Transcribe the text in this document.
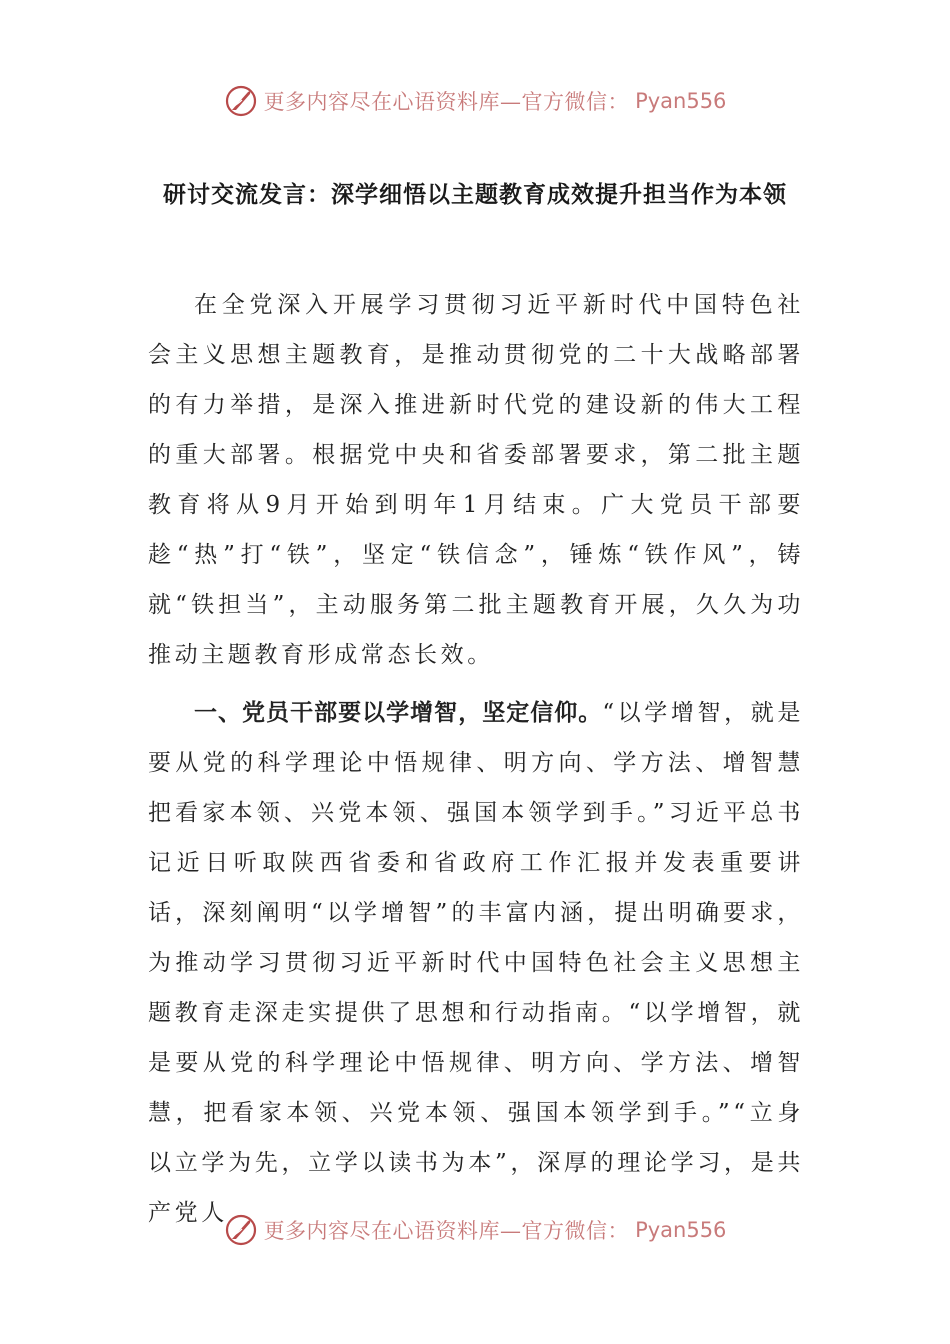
更多内容尽在心语资料库—官方微信： Pyan556
研讨交流发言：深学细悟以主题教育成效提升担当作为本领

在全党深入开展学习贯彻习近平新时代中国特色社会主义思想主题教育，是推动贯彻党的二十大战略部署的有力举措，是深入推进新时代党的建设新的伟大工程的重大部署。根据党中央和省委部署要求，第二批主题教育将从9月开始到明年1月结束。广大党员干部要趁“热”打“铁”，坚定“铁信念”，锤炼“铁作风”，铸就“铁担当”，主动服务第二批主题教育开展，久久为功推动主题教育形成常态长效。

一、党员干部要以学增智，坚定信仰。“以学增智，就是要从党的科学理论中悟规律、明方向、学方法、增智慧把看家本领、兴党本领、强国本领学到手。”习近平总书记近日听取陕西省委和省政府工作汇报并发表重要讲话，深刻阐明“以学增智”的丰富内涵，提出明确要求，为推动学习贯彻习近平新时代中国特色社会主义思想主题教育走深走实提供了思想和行动指南。“以学增智，就是要从党的科学理论中悟规律、明方向、学方法、增智慧，把看家本领、兴党本领、强国本领学到手。”“立身以立学为先，立学以读书为本”，深厚的理论学习，是共产党人

更多内容尽在心语资料库—官方微信： Pyan556
